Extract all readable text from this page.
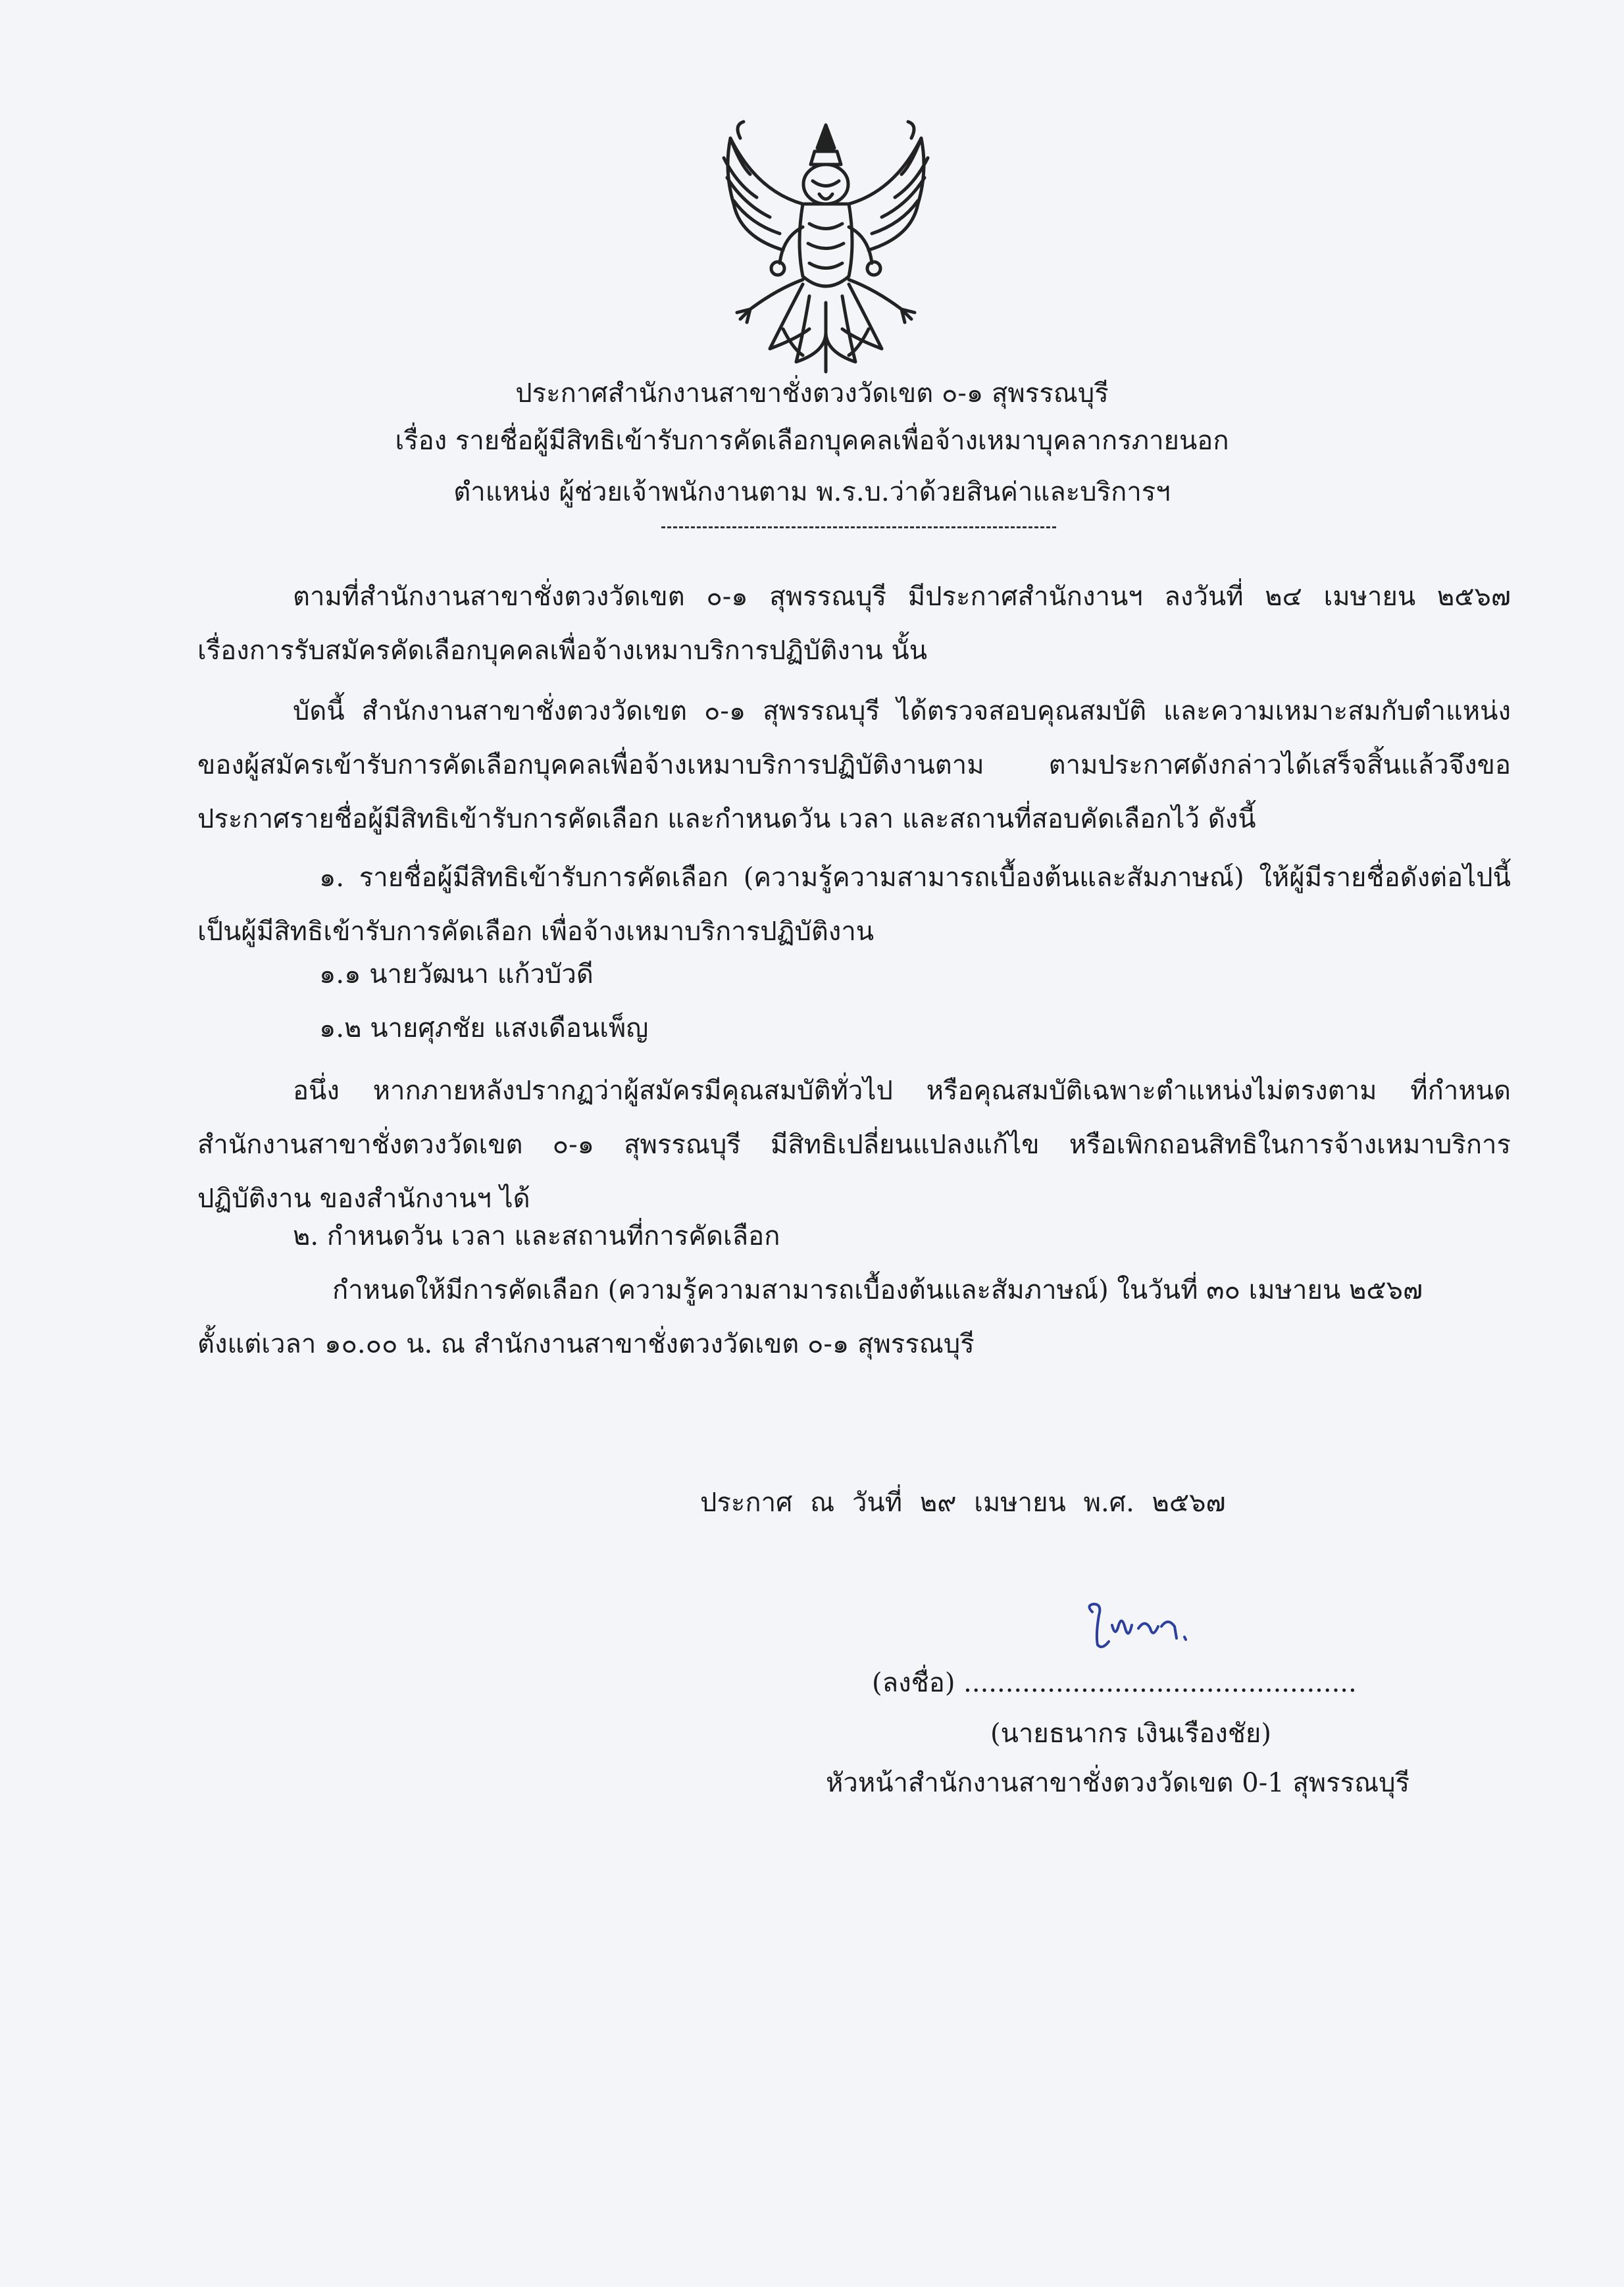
ประกาศสำนักงานสาขาชั่งตวงวัดเขต ๐-๑ สุพรรณบุรี
เรื่อง รายชื่อผู้มีสิทธิเข้ารับการคัดเลือกบุคคลเพื่อจ้างเหมาบุคลากรภายนอก
ตำแหน่ง ผู้ช่วยเจ้าพนักงานตาม พ.ร.บ.ว่าด้วยสินค่าและบริการฯ
ตามที่สำนักงานสาขาชั่งตวงวัดเขต ๐-๑ สุพรรณบุรี มีประกาศสำนักงานฯ ลงวันที่ ๒๔ เมษายน ๒๕๖๗
เรื่องการรับสมัครคัดเลือกบุคคลเพื่อจ้างเหมาบริการปฏิบัติงาน นั้น
บัดนี้ สำนักงานสาขาชั่งตวงวัดเขต ๐-๑ สุพรรณบุรี ได้ตรวจสอบคุณสมบัติ และความเหมาะสมกับตำแหน่ง
ของผู้สมัครเข้ารับการคัดเลือกบุคคลเพื่อจ้างเหมาบริการปฏิบัติงานตาม ตามประกาศดังกล่าวได้เสร็จสิ้นแล้วจึงขอ
ประกาศรายชื่อผู้มีสิทธิเข้ารับการคัดเลือก และกำหนดวัน เวลา และสถานที่สอบคัดเลือกไว้ ดังนี้
๑. รายชื่อผู้มีสิทธิเข้ารับการคัดเลือก (ความรู้ความสามารถเบื้องต้นและสัมภาษณ์) ให้ผู้มีรายชื่อดังต่อไปนี้
เป็นผู้มีสิทธิเข้ารับการคัดเลือก เพื่อจ้างเหมาบริการปฏิบัติงาน
๑.๑ นายวัฒนา แก้วบัวดี
๑.๒ นายศุภชัย แสงเดือนเพ็ญ
อนึ่ง หากภายหลังปรากฏว่าผู้สมัครมีคุณสมบัติทั่วไป หรือคุณสมบัติเฉพาะตำแหน่งไม่ตรงตาม ที่กำหนด
สำนักงานสาขาชั่งตวงวัดเขต ๐-๑ สุพรรณบุรี มีสิทธิเปลี่ยนแปลงแก้ไข หรือเพิกถอนสิทธิในการจ้างเหมาบริการ
ปฏิบัติงาน ของสำนักงานฯ ได้
๒. กำหนดวัน เวลา และสถานที่การคัดเลือก
กำหนดให้มีการคัดเลือก (ความรู้ความสามารถเบื้องต้นและสัมภาษณ์) ในวันที่ ๓๐ เมษายน ๒๕๖๗
ตั้งแต่เวลา ๑๐.๐๐ น. ณ สำนักงานสาขาชั่งตวงวัดเขต ๐-๑ สุพรรณบุรี
ประกาศ ณ วันที่ ๒๙ เมษายน พ.ศ. ๒๕๖๗
(ลงชื่อ) ...............................................
(นายธนากร เงินเรืองชัย)
หัวหน้าสำนักงานสาขาชั่งตวงวัดเขต 0-1 สุพรรณบุรี
